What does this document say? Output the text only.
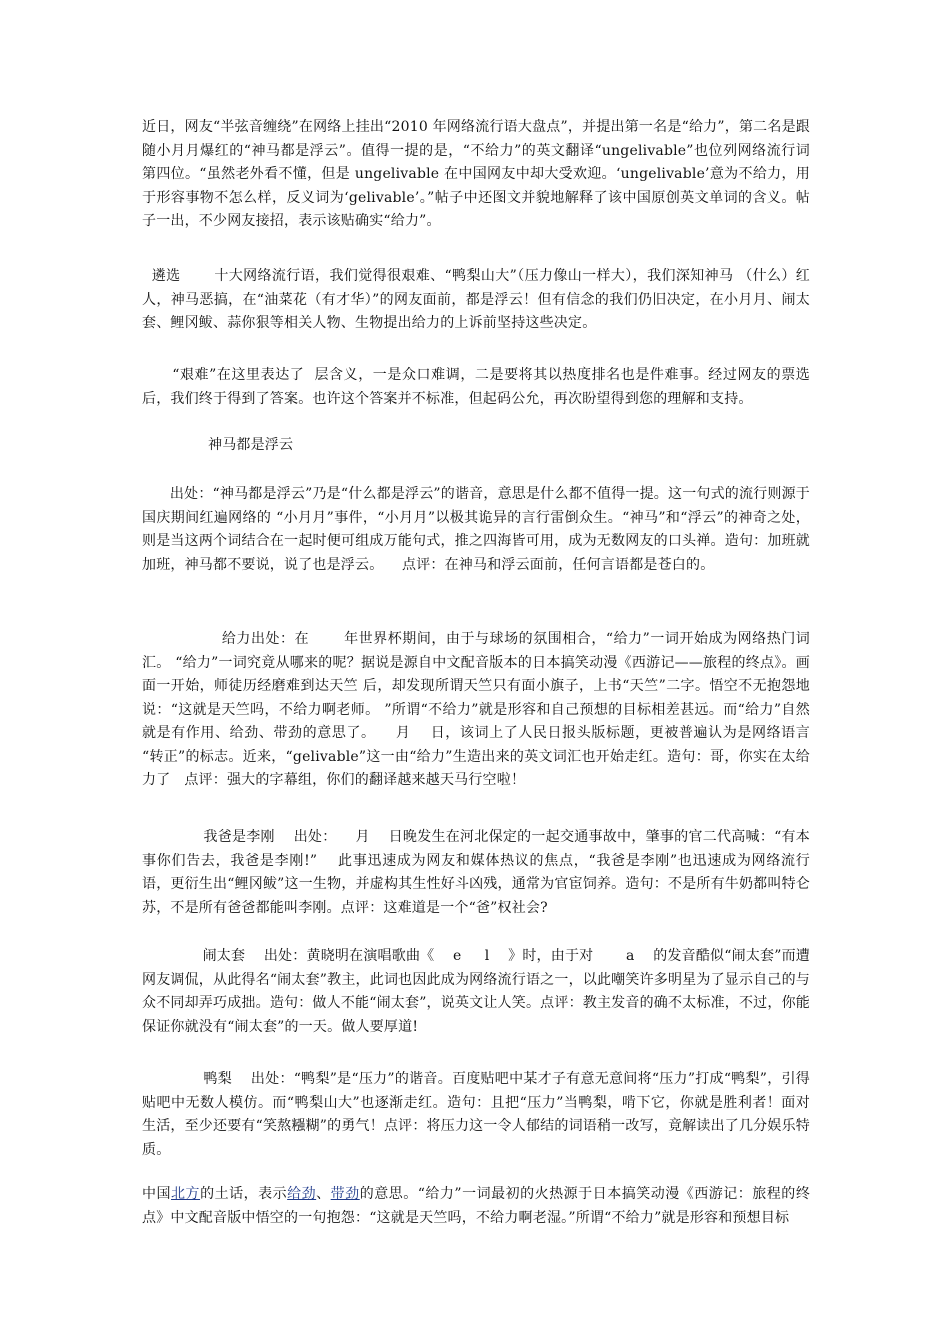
近日，网友“半弦音缠绕”在网络上挂出“2010 年网络流行语大盘点”，并提出第一名是“给力”，第二名是跟随小月月爆红的“神马都是浮云”。值得一提的是，“不给力”的英文翻译“ungelivable”也位列网络流行词第四位。“虽然老外看不懂，但是 ungelivable 在中国网友中却大受欢迎。‘ungelivable’意为不给力，用于形容事物不怎么样，反义词为‘gelivable’。”帖子中还图文并貌地解释了该中国原创英文单词的含义。帖子一出，不少网友接招，表示该贴确实“给力”。

遴选       十大网络流行语，我们觉得很艰难、“鸭梨山大”（压力像山一样大），我们深知神马 （什么）红人，神马恶搞，在“油菜花（有才华）”的网友面前，都是浮云！但有信念的我们仍旧决定，在小月月、闹太套、鲤冈鲅、蒜你狠等相关人物、生物提出给力的上诉前坚持这些决定。

“艰难”在这里表达了  层含义，一是众口难调，二是要将其以热度排名也是件难事。经过网友的票选后，我们终于得到了答案。也许这个答案并不标准，但起码公允，再次盼望得到您的理解和支持。

神马都是浮云

出处：“神马都是浮云”乃是“什么都是浮云”的谐音，意思是什么都不值得一提。这一句式的流行则源于国庆期间红遍网络的 “小月月”事件，“小月月”以极其诡异的言行雷倒众生。“神马”和“浮云”的神奇之处，则是当这两个词结合在一起时便可组成万能句式，推之四海皆可用，成为无数网友的口头禅。造句：加班就加班，神马都不要说，说了也是浮云。    点评：在神马和浮云面前，任何言语都是苍白的。

给力出处：在       年世界杯期间，由于与球场的氛围相合，“给力”一词开始成为网络热门词汇。 “给力”一词究竟从哪来的呢？据说是源自中文配音版本的日本搞笑动漫《西游记——旅程的终点》。画面一开始，师徒历经磨难到达天竺 后，却发现所谓天竺只有面小旗子，上书“天竺”二字。悟空不无抱怨地说：“这就是天竺吗，不给力啊老师。 ”所谓“不给力”就是形容和自己预想的目标相差甚远。而“给力”自然就是有作用、给劲、带劲的意思了。    月    日，该词上了人民日报头版标题，更被普遍认为是网络语言 “转正”的标志。近来，“gelivable”这一由“给力”生造出来的英文词汇也开始走红。造句：哥，你实在太给力了   点评：强大的字幕组，你们的翻译越来越天马行空啦！

我爸是李刚    出处：    月    日晚发生在河北保定的一起交通事故中，肇事的官二代高喊：“有本事你们告去，我爸是李刚!”    此事迅速成为网友和媒体热议的焦点，“我爸是李刚”也迅速成为网络流行语，更衍生出“鲤冈鲅”这一生物，并虚构其生性好斗凶残，通常为官宦饲养。造句：不是所有牛奶都叫特仑苏，不是所有爸爸都能叫李刚。点评：这难道是一个“爸”权社会?

闹太套    出处：黄晓明在演唱歌曲《    e     l    》时，由于对       a    的发音酷似“闹太套”而遭网友调侃，从此得名“闹太套”教主，此词也因此成为网络流行语之一，以此嘲笑许多明星为了显示自己的与众不同却弄巧成拙。造句：做人不能“闹太套”，说英文让人笑。点评：教主发音的确不太标准，不过，你能保证你就没有“闹太套”的一天。做人要厚道!

鸭梨    出处：“鸭梨”是“压力”的谐音。百度贴吧中某才子有意无意间将“压力”打成“鸭梨”，引得贴吧中无数人模仿。而“鸭梨山大”也逐渐走红。造句：且把“压力”当鸭梨，啃下它，你就是胜利者！面对生活，至少还要有“笑熬糨糊”的勇气！点评：将压力这一令人郁结的词语稍一改写，竟解读出了几分娱乐特质。

中国北方的土话，表示给劲、带劲的意思。“给力”一词最初的火热源于日本搞笑动漫《西游记：旅程的终点》中文配音版中悟空的一句抱怨：“这就是天竺吗，不给力啊老湿。”所谓“不给力”就是形容和预想目标
